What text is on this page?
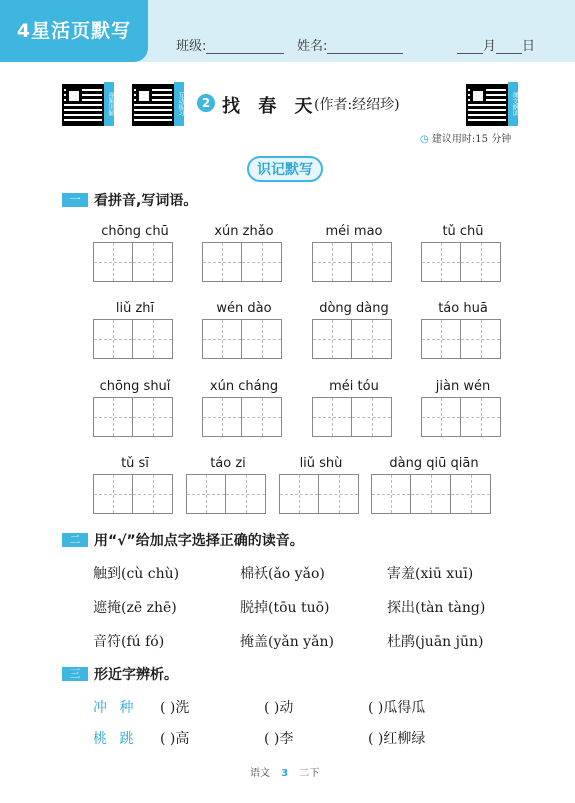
4星活页默写
班级:	姓名:	月 日
视频讲解	互动练习	课文朗读
2 找 春 天
(作者:经绍珍)
◷ 建议用时:15 分钟
识记默写
一 看拼音,写词语。
chōng chū	xún zhǎo	méi mao	tǔ chū
liǔ zhī	wén dào	dòng dàng	táo huā
chōng shuǐ	xún cháng	méi tóu	jiàn wén
tǔ sī	táo zi	liǔ shù	dàng qiū qiān
二 用“√”给加点字选择正确的读音。
触到(cù chù)	棉袄(ǎo yǎo)	害羞(xiū xuī)
遮掩(zē zhē)	脱掉(tōu tuō)	探出(tàn tàng)
音符(fú fó)	掩盖(yǎn yǎn)	杜鹃(juān jūn)
三 形近字辨析。
冲 种 ( )洗	( )动	( )瓜得瓜
桃 跳 ( )高	( )李	( )红柳绿
语文 3 二下
